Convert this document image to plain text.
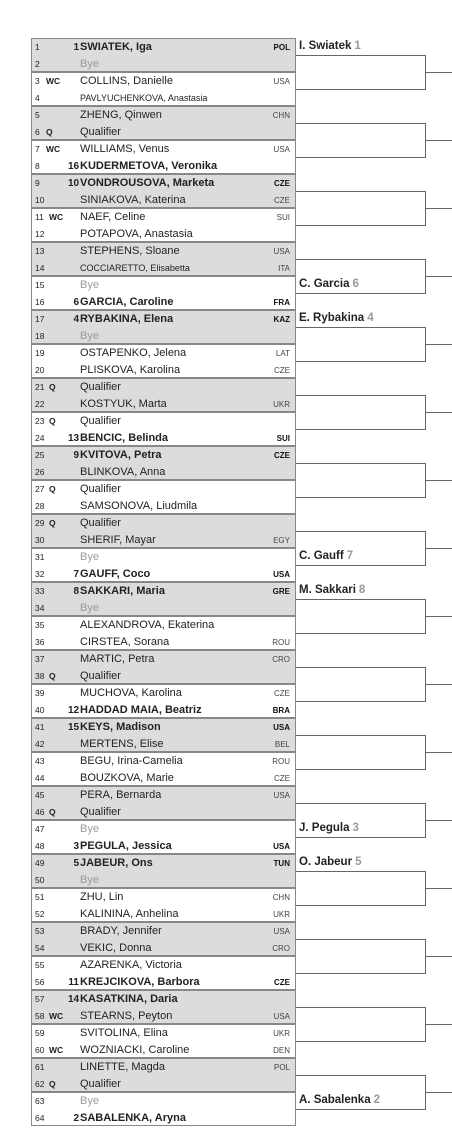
1	1 SWIATEK, Iga	POL
2	Bye
3 WC COLLINS, Danielle	USA
4	PAVLYUCHENKOVA, Anastasia
5	ZHENG, Qinwen	CHN
6 Q Qualifier
7 WC WILLIAMS, Venus	USA
8	16 KUDERMETOVA, Veronika
9	10 VONDROUSOVA, Marketa	CZE
10	SINIAKOVA, Katerina	CZE
11 WC NAEF, Celine	SUI
12	POTAPOVA, Anastasia
13	STEPHENS, Sloane	USA
14	COCCIARETTO, Elisabetta	ITA
15	Bye
16	6 GARCIA, Caroline	FRA
17	4 RYBAKINA, Elena	KAZ
18	Bye
19	OSTAPENKO, Jelena	LAT
20	PLISKOVA, Karolina	CZE
21 Q Qualifier
22	KOSTYUK, Marta	UKR
23 Q Qualifier
24 13 BENCIC, Belinda	SUI
25	9 KVITOVA, Petra	CZE
26	BLINKOVA, Anna
27 Q Qualifier
28	SAMSONOVA, Liudmila
29 Q Qualifier
30	SHERIF, Mayar	EGY
31	Bye
32	7 GAUFF, Coco	USA
33	8 SAKKARI, Maria	GRE
34	Bye
35	ALEXANDROVA, Ekaterina
36	CIRSTEA, Sorana	ROU
37	MARTIC, Petra	CRO
38 Q Qualifier
39	MUCHOVA, Karolina	CZE
40 12 HADDAD MAIA, Beatriz	BRA
41 15 KEYS, Madison	USA
42	MERTENS, Elise	BEL
43	BEGU, Irina-Camelia	ROU
44	BOUZKOVA, Marie	CZE
45	PERA, Bernarda	USA
46 Q Qualifier
47	Bye
48	3 PEGULA, Jessica	USA
49	5 JABEUR, Ons	TUN
50	Bye
51	ZHU, Lin	CHN
52	KALININA, Anhelina	UKR
53	BRADY, Jennifer	USA
54	VEKIC, Donna	CRO
55	AZARENKA, Victoria
56 11 KREJCIKOVA, Barbora	CZE
57 14 KASATKINA, Daria
58 WC STEARNS, Peyton	USA
59	SVITOLINA, Elina	UKR
60 WC WOZNIACKI, Caroline	DEN
61	LINETTE, Magda	POL
62 Q Qualifier
63	Bye
64	2 SABALENKA, Aryna
I. Swiatek 1
C. Garcia 6
E. Rybakina 4
C. Gauff 7
M. Sakkari 8
J. Pegula 3
O. Jabeur 5
A. Sabalenka 2
